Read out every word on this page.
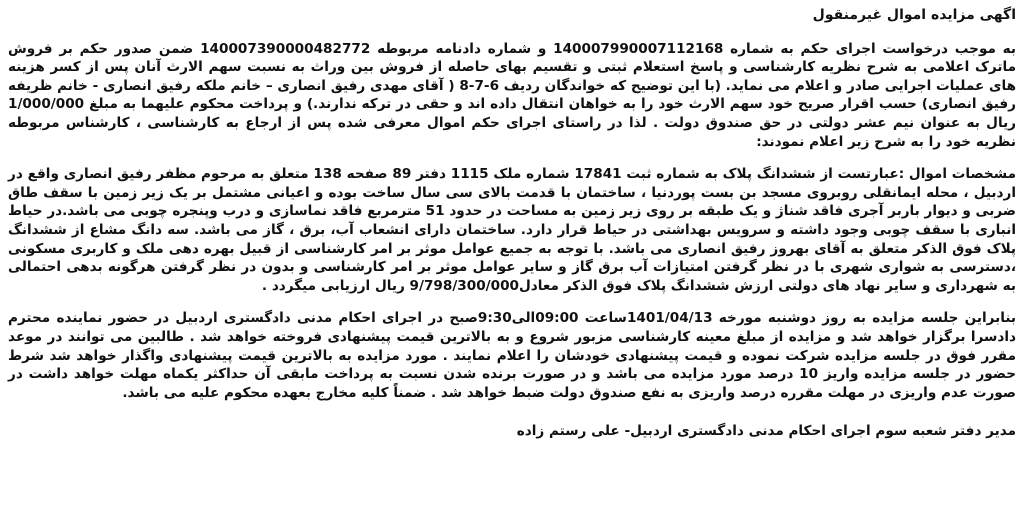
اگهی مزایده اموال غیرمنقول

به موجب درخواست اجرای حکم به شماره 140007990007112168 و شماره دادنامه مربوطه 140007390000482772 ضمن صدور حکم بر فروش ماترک اعلامی به شرح نظریه کارشناسی و پاسخ استعلام ثبتی و تقسیم بهای حاصله از فروش بین وراث به نسبت سهم الارث آنان پس از کسر هزینه های عملیات اجرایی صادر و اعلام می نماید. (با این توضیح که خواندگان ردیف 6-7-8 ( آقای مهدی رفیق انصاری – خانم ملکه رفیق انصاری - خانم ظریفه رفیق انصاری) حسب اقرار صریح خود سهم الارث خود را به خواهان انتقال داده اند و حقی در ترکه ندارند.) و پرداخت محکوم علیهما به مبلغ 1/000/000 ریال به عنوان نیم عشر دولتی در حق صندوق دولت . لذا در راستای اجرای حکم اموال معرفی شده پس از ارجاع به کارشناسی ، کارشناس مربوطه نظریه خود را به شرح زیر اعلام نمودند:

مشخصات اموال :عبارتست از ششدانگ پلاک به شماره ثبت 17841 شماره ملک 1115 دفتر 89 صفحه 138 متعلق به مرحوم مظفر رفیق انصاری واقع در اردبیل ، محله ایمانقلی روبروی مسجد بن بست پوردنیا ، ساختمان با قدمت بالای سی سال ساخت بوده و اعیانی مشتمل بر یک زیر زمین با سقف طاق ضربی و دیوار باربر آجری فاقد شناژ و یک طبقه بر روی زیر زمین به مساحت در حدود 51 مترمربع فاقد نماسازی و درب وپنجره چوبی می باشد.در حیاط انباری با سقف چوبی وجود داشته و سرویس بهداشتی در حیاط قرار دارد. ساختمان دارای انشعاب آب، برق ، گاز می باشد. سه دانگ مشاع از ششدانگ پلاک فوق الذکر متعلق به آقای بهروز رفیق انصاری می باشد. با توجه به جمیع عوامل موثر بر امر کارشناسی از قبیل بهره دهی ملک و کاربری مسکونی ،دسترسی به شواری شهری با در نظر گرفتن امتیازات آب برق گاز و سایر عوامل موثر بر امر کارشناسی و بدون در نظر گرفتن هرگونه بدهی احتمالی به شهرداری و سایر نهاد های دولتی ارزش ششدانگ پلاک فوق الذکر معادل9/798/300/000 ریال ارزیابی میگردد .

بنابراین جلسه مزایده به روز دوشنبه مورخه 1401/04/13ساعت 09:00الی9:30صبح در اجرای احکام مدنی دادگستری اردبیل در حضور نماینده محترم دادسرا برگزار خواهد شد و مزایده از مبلغ معینه کارشناسی مزبور شروع و به بالاترین قیمت پیشنهادی فروخته خواهد شد . طالبین می توانند در موعد مقرر فوق در جلسه مزایده شرکت نموده و قیمت پیشنهادی خودشان را اعلام نمایند . مورد مزایده به بالاترین قیمت پیشنهادی واگذار خواهد شد شرط حضور در جلسه مزایده واریز 10 درصد مورد مزایده می باشد و در صورت برنده شدن نسبت به پرداخت مابقی آن حداکثر یکماه مهلت خواهد داشت در صورت عدم واریزی در مهلت مقرره درصد واریزی به نفع صندوق دولت ضبط خواهد شد . ضمناً کلیه مخارج بعهده محکوم علیه می باشد.

مدیر دفتر شعبه سوم اجرای احکام مدنی دادگستری اردبیل- علی رستم زاده
